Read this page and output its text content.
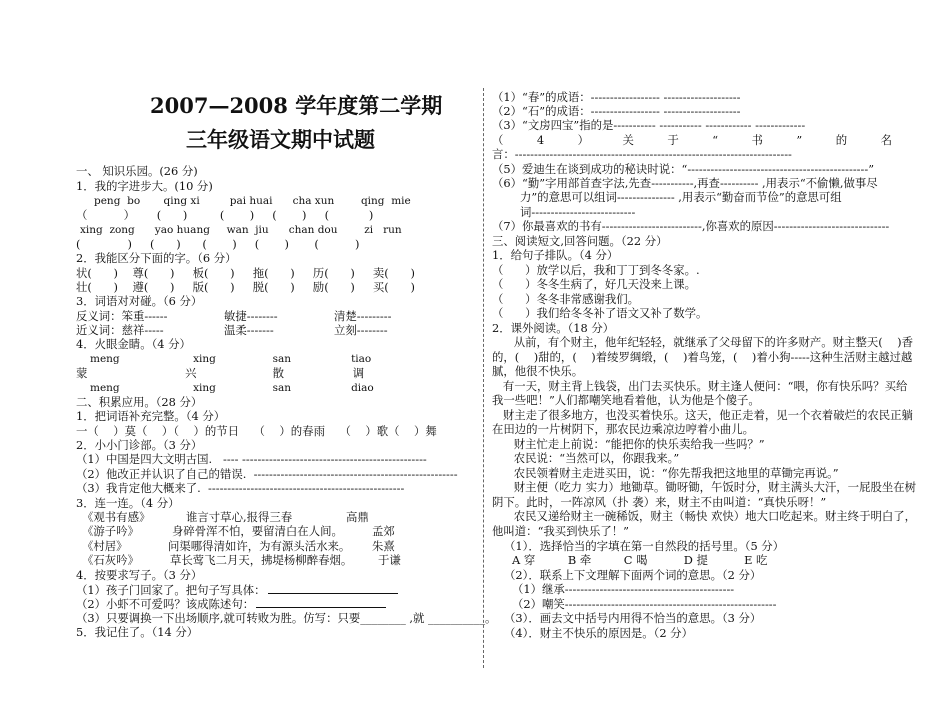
2007—2008 学年度第二学期
三年级语文期中试题
一、 知识乐园。(26 分)
1．我的字进步大。(10 分)
peng  bo       qing xi         pai huai      cha xun        qing  mie
（          ）      (      )         (       )     (       )     (           )
xing  zong      yao huang     wan  jiu      chan dou        zi   run
(             )     (      )      (       )     (       )       (          )
2．我能区分下面的字。（6 分）
状(      )    尊(      )     板(      )     拖(      )     历(      )     卖(      )
壮(      )    遵(      )     版(      )     脱(      )     励(      )     买(      )
3．词语对对碰。（6 分）
反义词：笨重------	敏捷--------	清楚---------
近义词：慈祥-----	温柔-------	立刻--------
4．火眼金睛。（4 分）
meng                      xing                 san                  tiao
蒙                           兴                     散                   调
meng                      xing                 san                  diao
二、积累应用。（28 分）
1．把词语补充完整。（4 分）
一（    ）莫（    ）（    ）的节日    （    ）的春雨    （    ）歌（    ）舞
2．小小门诊部。（3 分）
（1）中国是四大文明古国.   ---- ------------------------------------------------
（2）他改正并认识了自己的错误.  -----------------------------------------------------
（3）我肯定他大概来了.  ---------------------------------------------------
3．连一连。（4 分）
《观书有感》	谁言寸草心,报得三春	高鼎
《游子吟》	身碎骨浑不怕，要留清白在人间。	孟郊
《村居》	问渠哪得清如许，为有源头活水来。 朱熹
《石灰吟》	草长莺飞二月天，拂堤杨柳醉春烟。 于谦
4．按要求写子。（3 分）
（1）孩子门回家了。把句子写具体：
（2）小虾不可爱吗？该成陈述句：
（3）只要调换一下出场顺序,就可转败为胜。仿写：只要________ ,就 __________。
5．我记住了。（14 分）
（1）“春”的成语：------------------ --------------------
（2）“石”的成语：------------------ --------------------
（3）“文房四宝”指的是----------- ----------- ------------ -------------
（	4	）	关	于	“	书	”	的	名
言：------------------------------------------------------------------------
（5）爱迪生在谈到成功的秘诀时说：“-----------------------------------------------”
（6）“勤”字用部首查字法,先查-----------,再查---------- ,用表示“不偷懒,做事尽
力”的意思可以组词--------------- ,用表示“勤奋而节俭”的意思可组
词---------------------------
（7）你最喜欢的书有--------------------------,你喜欢的原因------------------------------
三、阅读短文,回答问题。（22 分）
1．给句子排队。（4 分）
（      ）放学以后，我和丁丁到冬冬家。.
（      ）冬冬生病了，好几天没来上课。
（      ）冬冬非常感谢我们。
（      ）我们给冬冬补了语文又补了数学。
2．课外阅读。（18 分）
从前，有个财主，他年纪轻轻，就继承了父母留下的许多财产。财主整天(    )香
的，(    )甜的，(    )着绫罗绸缎，(    )着鸟笼，(    )着小狗-----这种生活财主越过越
腻，他很不快乐。
有一天，财主背上钱袋，出门去买快乐。财主逢人便问：“喂，你有快乐吗？买给
我一些吧！”人们都嘲笑地看着他，认为他是个傻子。
财主走了很多地方，也没买着快乐。这天，他正走着，见一个衣着破烂的农民正躺
在田边的一片树阴下，那农民边乘凉边哼着小曲儿。
财主忙走上前说：“能把你的快乐卖给我一些吗？”
农民说：“当然可以，你跟我来。”
农民领着财主走进买田，说：“你先帮我把这地里的草锄完再说。”
财主便（吃力 实力）地锄草。锄呀锄，午饭时分，财主满头大汗，一屁股坐在树
阴下。此时，一阵凉风（扑 袭）来，财主不由叫道：“真快乐呀！”
农民又递给财主一碗稀饭，财主（畅快 欢快）地大口吃起来。财主终于明白了，
他叫道：“我买到快乐了！”
（1）．选择恰当的字填在第一自然段的括号里。（5 分）
A 穿         B 牵         C 喝          D 提          E 吃
（2）．联系上下文理解下面两个词的意思。（2 分）
（1）继承--------------------------------------------
（2）嘲笑-------------------------------------------------------
（3）．画去文中括号内用得不恰当的意思。（3 分）
（4）．财主不快乐的原因是。（2 分）
